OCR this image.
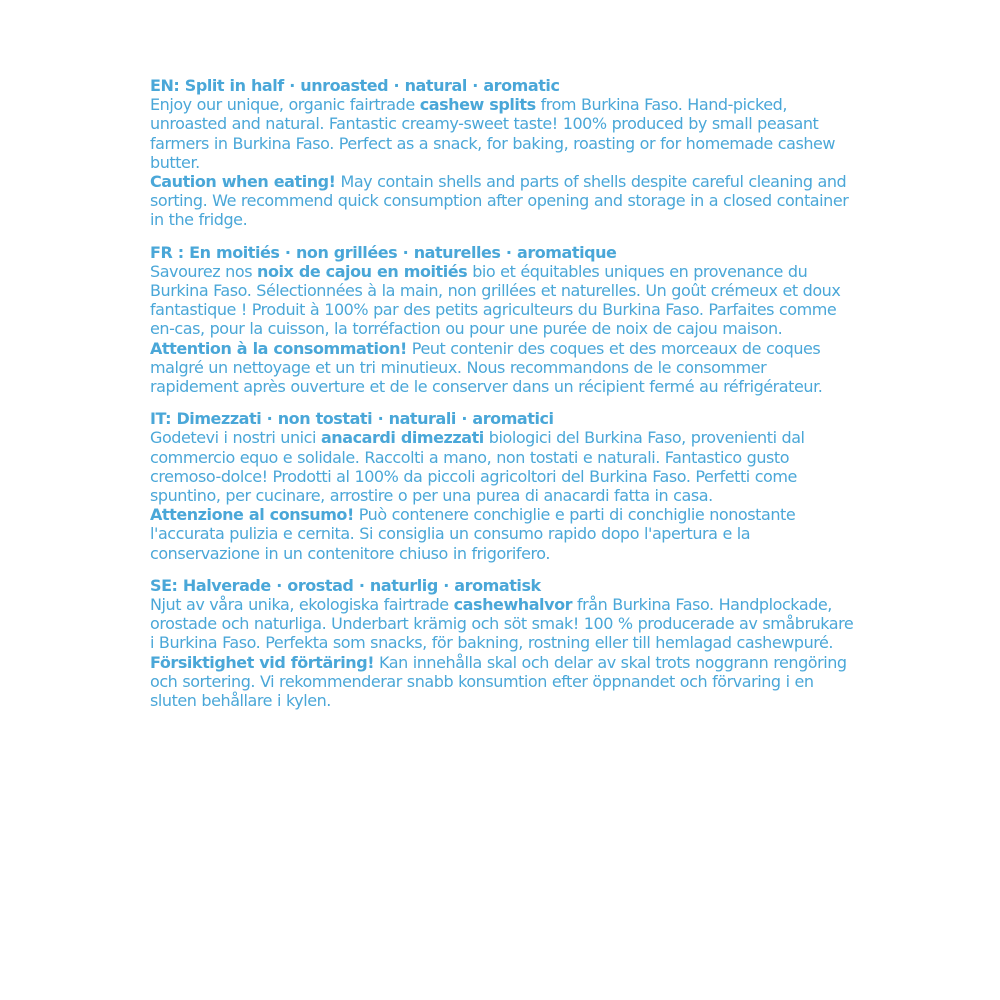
EN: Split in half · unroasted · natural · aromatic

Enjoy our unique, organic fairtrade cashew splits from Burkina Faso. Hand-picked, unroasted and natural. Fantastic creamy-sweet taste! 100% produced by small peasant farmers in Burkina Faso. Perfect as a snack, for baking, roasting or for homemade cashew butter.

Caution when eating! May contain shells and parts of shells despite careful cleaning and sorting. We recommend quick consumption after opening and storage in a closed container in the fridge.

FR : En moitiés · non grillées · naturelles · aromatique

Savourez nos noix de cajou en moitiés bio et équitables uniques en provenance du Burkina Faso. Sélectionnées à la main, non grillées et naturelles. Un goût crémeux et doux fantastique ! Produit à 100% par des petits agriculteurs du Burkina Faso. Parfaites comme en-cas, pour la cuisson, la torréfaction ou pour une purée de noix de cajou maison.

Attention à la consommation! Peut contenir des coques et des morceaux de coques malgré un nettoyage et un tri minutieux. Nous recommandons de le consommer rapidement après ouverture et de le conserver dans un récipient fermé au réfrigérateur.

IT: Dimezzati · non tostati · naturali · aromatici

Godetevi i nostri unici anacardi dimezzati biologici del Burkina Faso, provenienti dal commercio equo e solidale. Raccolti a mano, non tostati e naturali. Fantastico gusto cremoso-dolce! Prodotti al 100% da piccoli agricoltori del Burkina Faso. Perfetti come spuntino, per cucinare, arrostire o per una purea di anacardi fatta in casa.

Attenzione al consumo! Può contenere conchiglie e parti di conchiglie nonostante l'accurata pulizia e cernita. Si consiglia un consumo rapido dopo l'apertura e la conservazione in un contenitore chiuso in frigorifero.

SE: Halverade · orostad · naturlig · aromatisk

Njut av våra unika, ekologiska fairtrade cashewhalvor från Burkina Faso. Handplockade, orostade och naturliga. Underbart krämig och söt smak! 100 % producerade av småbrukare i Burkina Faso. Perfekta som snacks, för bakning, rostning eller till hemlagad cashewpuré.

Försiktighet vid förtäring! Kan innehålla skal och delar av skal trots noggrann rengöring och sortering. Vi rekommenderar snabb konsumtion efter öppnandet och förvaring i en sluten behållare i kylen.
